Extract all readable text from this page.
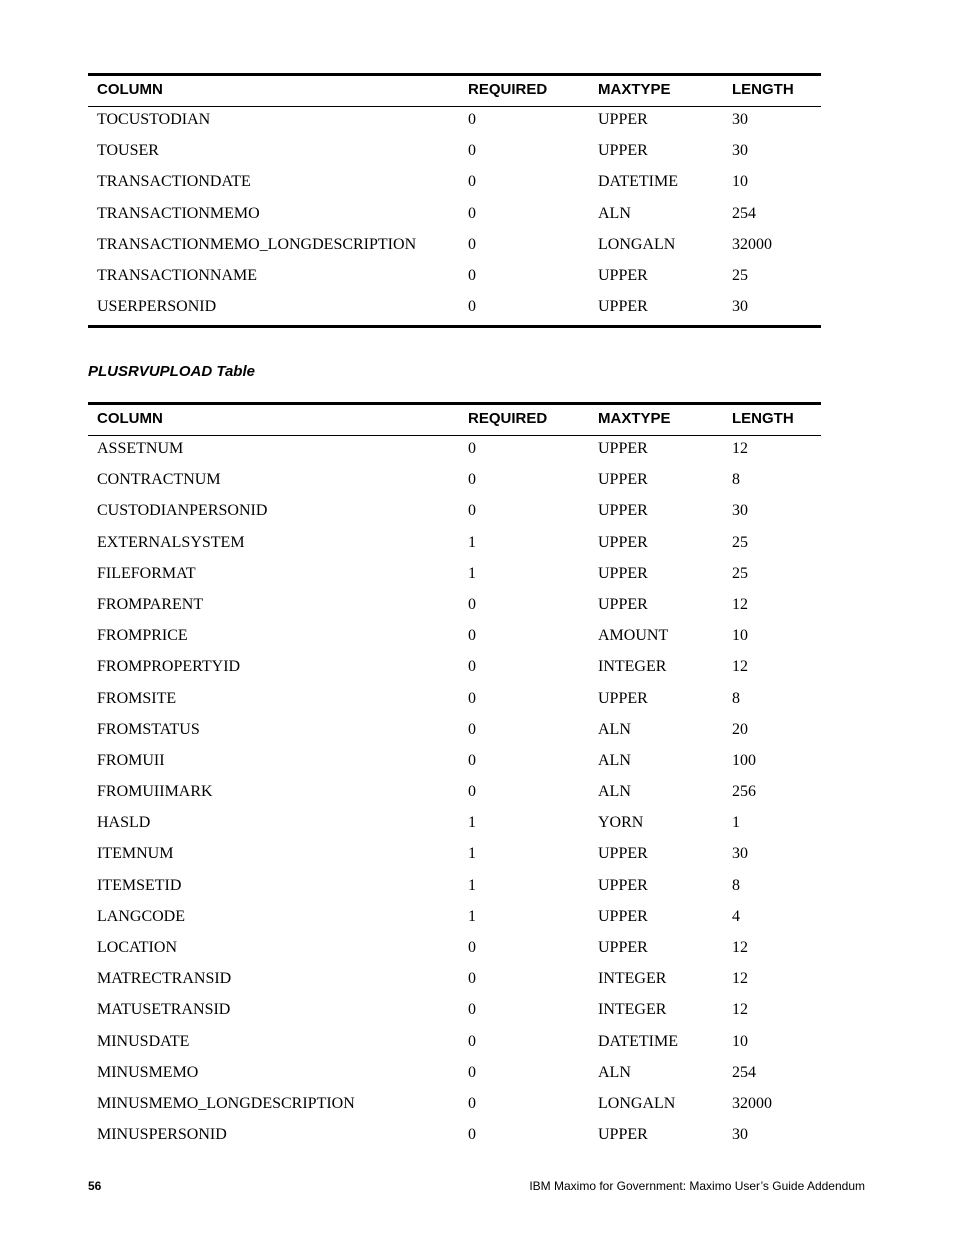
COLUMN	REQUIRED	MAXTYPE	LENGTH
TOCUSTODIAN	0	UPPER	30
TOUSER	0	UPPER	30
TRANSACTIONDATE	0	DATETIME	10
TRANSACTIONMEMO	0	ALN	254
TRANSACTIONMEMO_LONGDESCRIPTION	0	LONGALN	32000
TRANSACTIONNAME	0	UPPER	25
USERPERSONID	0	UPPER	30
PLUSRVUPLOAD Table
COLUMN	REQUIRED	MAXTYPE	LENGTH
ASSETNUM	0	UPPER	12
CONTRACTNUM	0	UPPER	8
CUSTODIANPERSONID	0	UPPER	30
EXTERNALSYSTEM	1	UPPER	25
FILEFORMAT	1	UPPER	25
FROMPARENT	0	UPPER	12
FROMPRICE	0	AMOUNT	10
FROMPROPERTYID	0	INTEGER	12
FROMSITE	0	UPPER	8
FROMSTATUS	0	ALN	20
FROMUII	0	ALN	100
FROMUIIMARK	0	ALN	256
HASLD	1	YORN	1
ITEMNUM	1	UPPER	30
ITEMSETID	1	UPPER	8
LANGCODE	1	UPPER	4
LOCATION	0	UPPER	12
MATRECTRANSID	0	INTEGER	12
MATUSETRANSID	0	INTEGER	12
MINUSDATE	0	DATETIME	10
MINUSMEMO	0	ALN	254
MINUSMEMO_LONGDESCRIPTION	0	LONGALN	32000
MINUSPERSONID	0	UPPER	30
56	IBM Maximo for Government: Maximo User’s Guide Addendum
